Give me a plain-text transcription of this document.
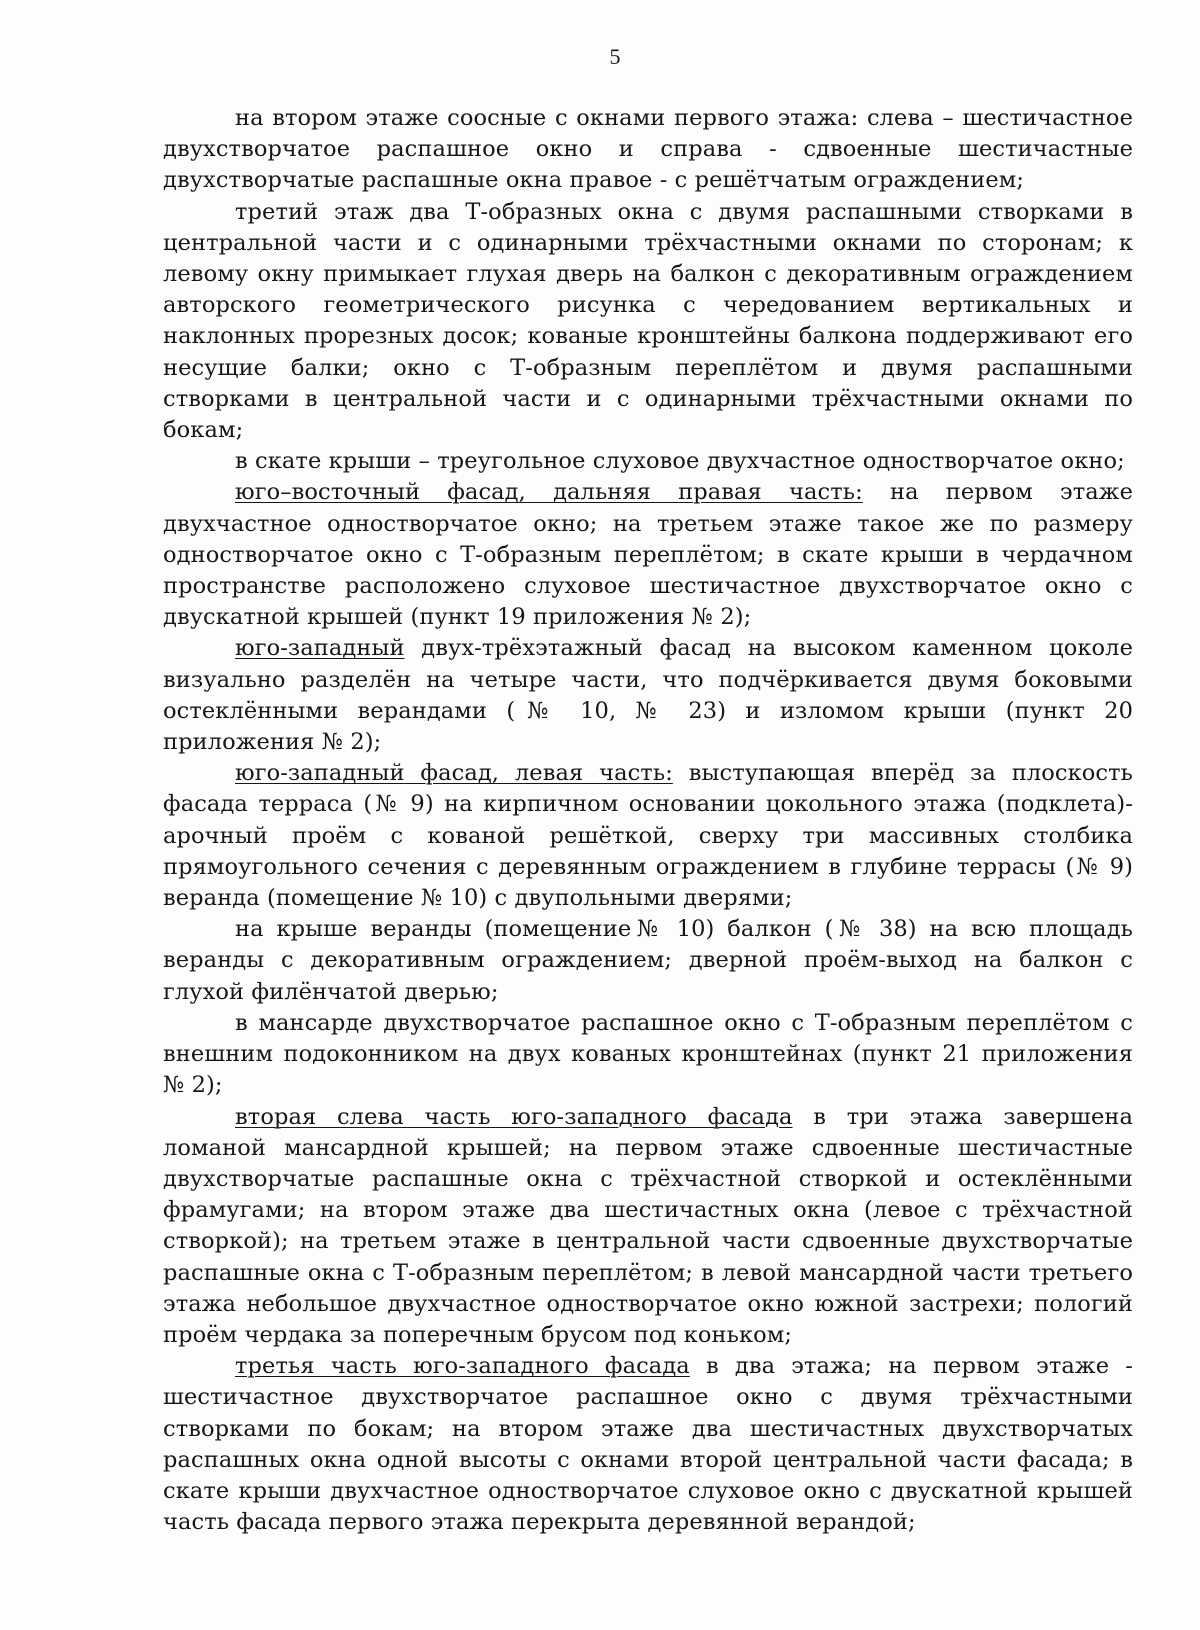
5

на втором этаже соосные с окнами первого этажа: слева – шестичастное двухстворчатое распашное окно и справа - сдвоенные шестичастные двухстворчатые распашные окна правое - с решётчатым ограждением;

третий этаж два Т-образных окна с двумя распашными створками в центральной части и с одинарными трёхчастными окнами по сторонам; к левому окну примыкает глухая дверь на балкон с декоративным ограждением авторского геометрического рисунка с чередованием вертикальных и наклонных прорезных досок; кованые кронштейны балкона поддерживают его несущие балки; окно с Т-образным переплётом и двумя распашными створками в центральной части и с одинарными трёхчастными окнами по бокам;

в скате крыши – треугольное слуховое двухчастное одностворчатое окно;

юго–восточный фасад, дальняя правая часть: на первом этаже двухчастное одностворчатое окно; на третьем этаже такое же по размеру одностворчатое окно с Т-образным переплётом; в скате крыши в чердачном пространстве расположено слуховое шестичастное двухстворчатое окно с двускатной крышей (пункт 19 приложения № 2);

юго-западный двух-трёхэтажный фасад на высоком каменном цоколе визуально разделён на четыре части, что подчёркивается двумя боковыми остеклёнными верандами (№ 10, № 23) и изломом крыши (пункт 20 приложения № 2);

юго-западный фасад, левая часть: выступающая вперёд за плоскость фасада терраса (№ 9) на кирпичном основании цокольного этажа (подклета)- арочный проём с кованой решёткой, сверху три массивных столбика прямоугольного сечения с деревянным ограждением в глубине террасы (№ 9) веранда (помещение № 10) с двупольными дверями;

на крыше веранды (помещение№ 10) балкон (№ 38) на всю площадь веранды с декоративным ограждением; дверной проём-выход на балкон с глухой филёнчатой дверью;

в мансарде двухстворчатое распашное окно с Т-образным переплётом с внешним подоконником на двух кованых кронштейнах (пункт 21 приложения № 2);

вторая слева часть юго-западного фасада в три этажа завершена ломаной мансардной крышей; на первом этаже сдвоенные шестичастные двухстворчатые распашные окна с трёхчастной створкой и остеклёнными фрамугами; на втором этаже два шестичастных окна (левое с трёхчастной створкой); на третьем этаже в центральной части сдвоенные двухстворчатые распашные окна с Т-образным переплётом; в левой мансардной части третьего этажа небольшое двухчастное одностворчатое окно южной застрехи; пологий проём чердака за поперечным брусом под коньком;

третья часть юго-западного фасада в два этажа; на первом этаже - шестичастное двухстворчатое распашное окно с двумя трёхчастными створками по бокам; на втором этаже два шестичастных двухстворчатых распашных окна одной высоты с окнами второй центральной части фасада; в скате крыши двухчастное одностворчатое слуховое окно с двускатной крышей часть фасада первого этажа перекрыта деревянной верандой;
